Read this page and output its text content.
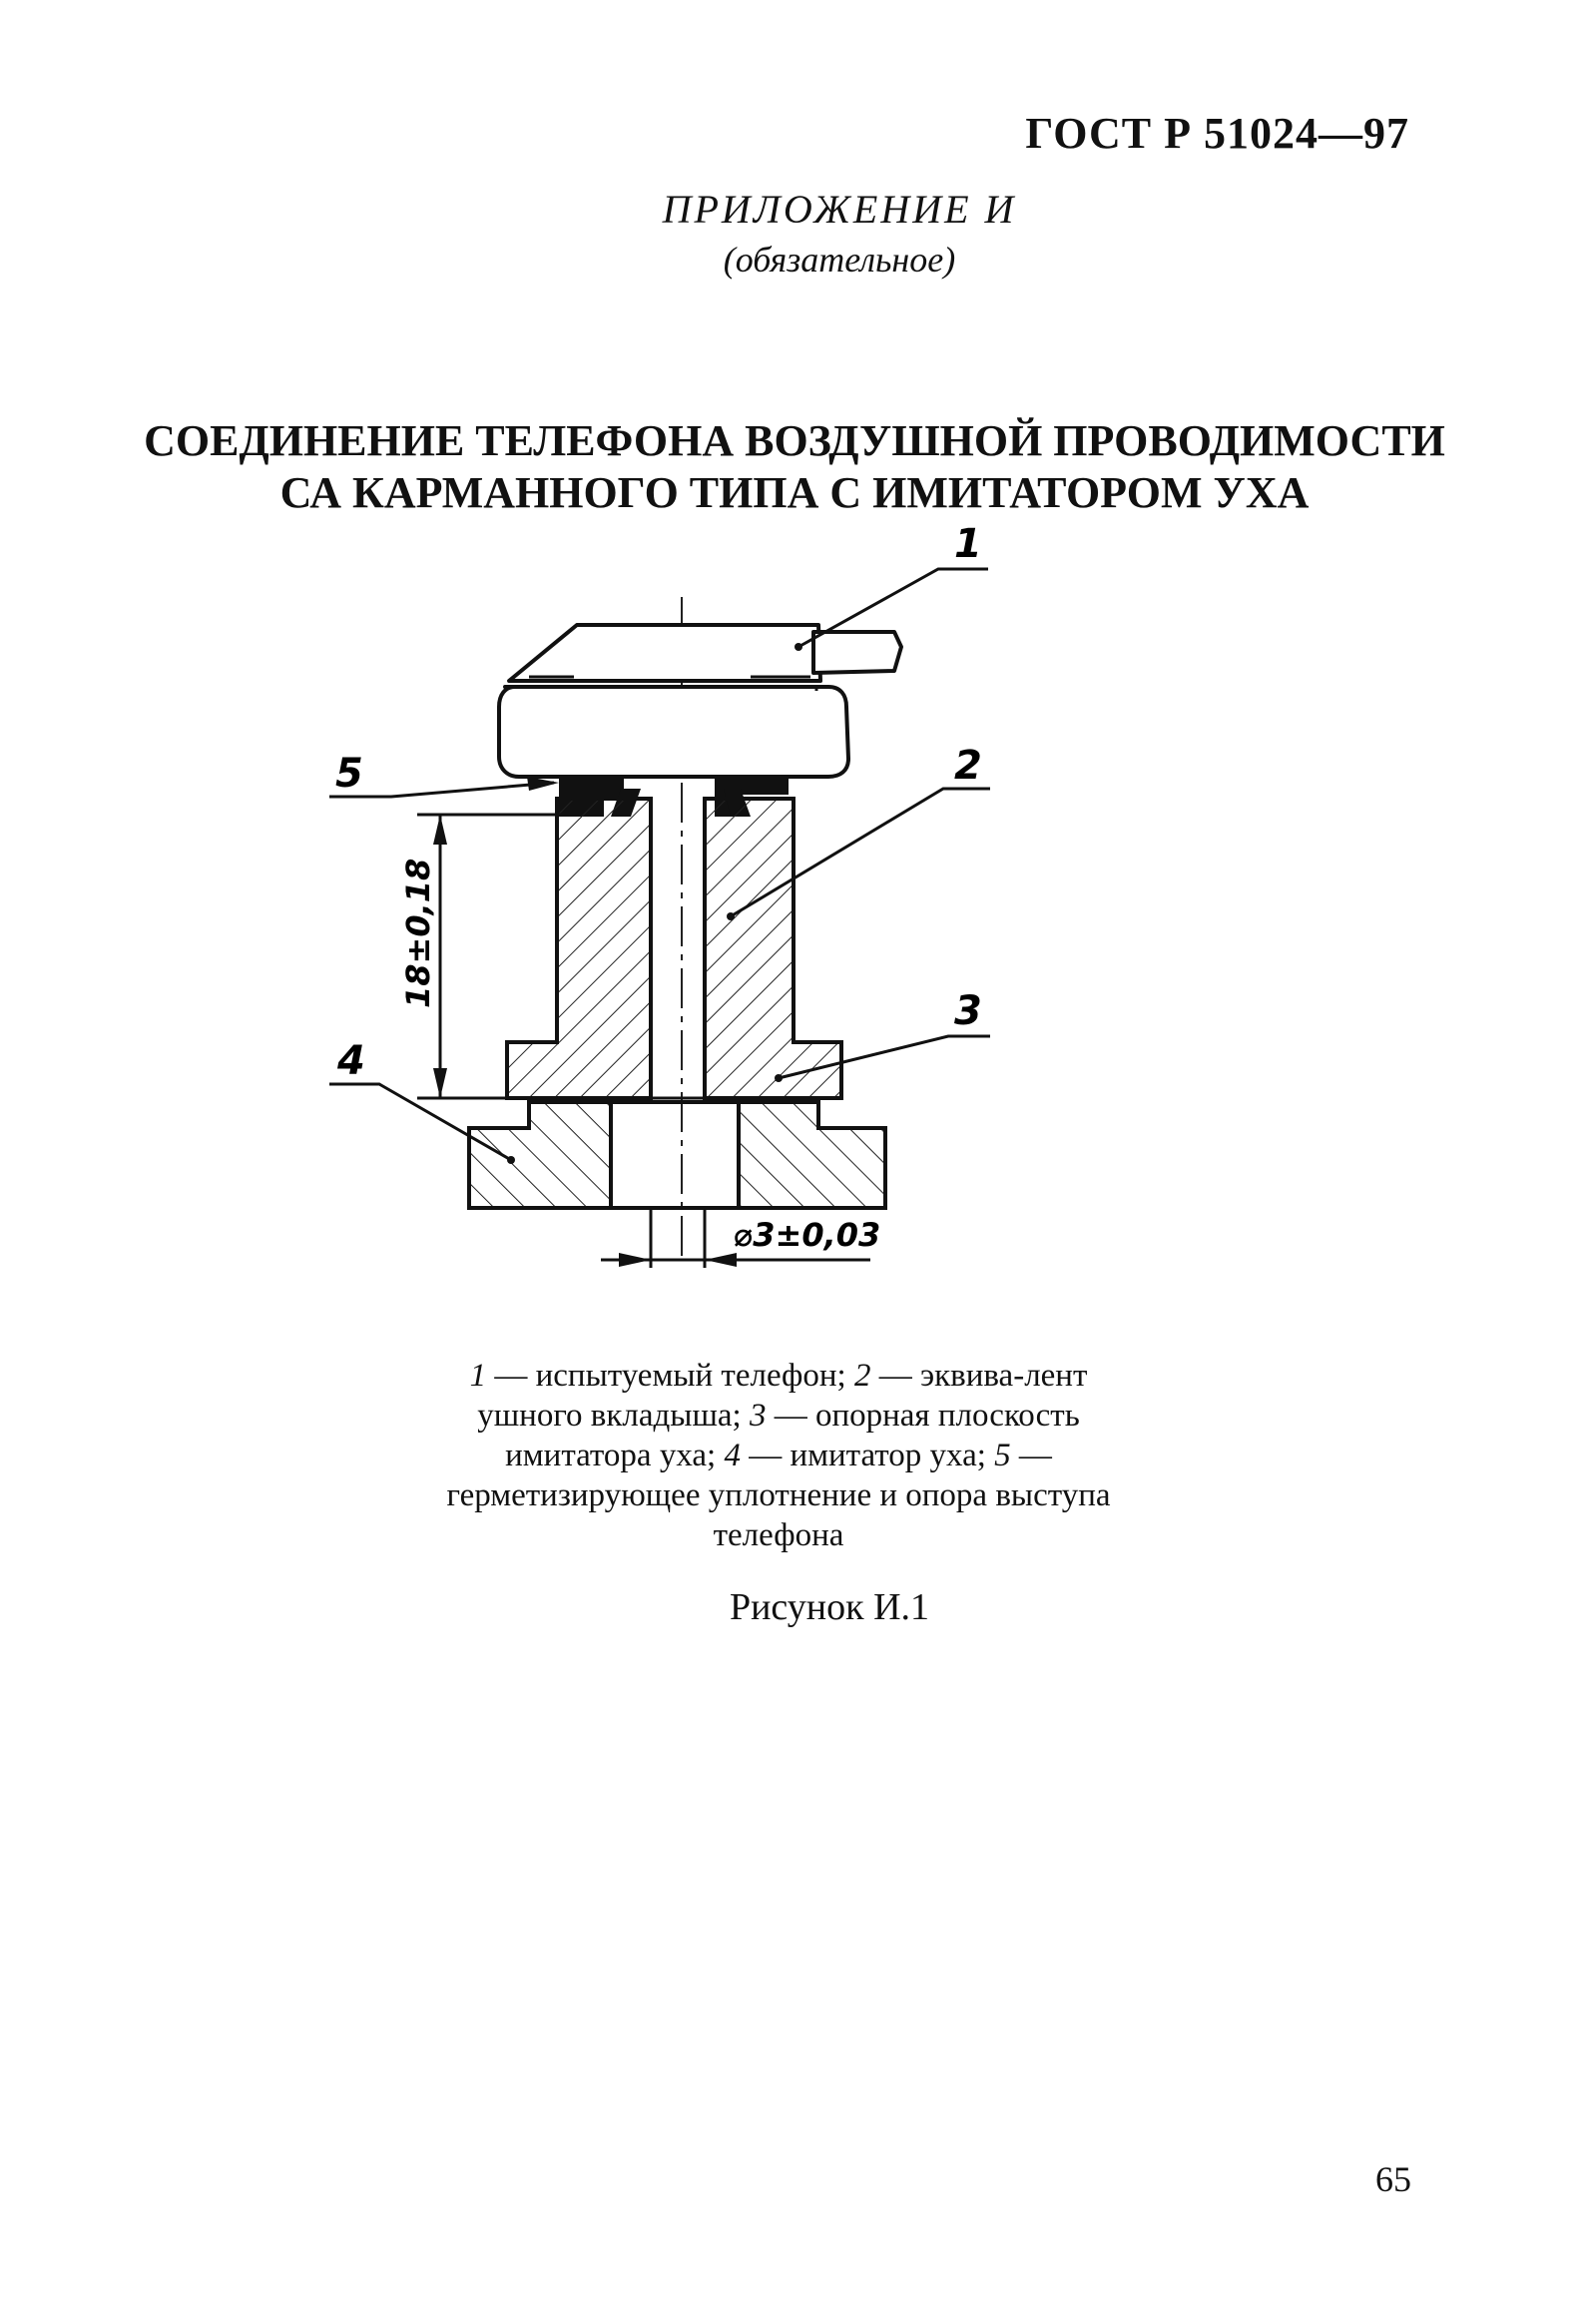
ГОСТ Р 51024—97
ПРИЛОЖЕНИЕ И
(обязательное)
СОЕДИНЕНИЕ ТЕЛЕФОНА ВОЗДУШНОЙ ПРОВОДИМОСТИ
СА КАРМАННОГО ТИПА С ИМИТАТОРОМ УХА
18±0,18
⌀3±0,03
1
2
3
4
5
1 — испытуемый телефон; 2 — эквива-лент ушного вкладыша; 3 — опорная плоскость имитатора уха; 4 — имитатор уха; 5 — герметизирующее уплотнение и опора выступа телефона
Рисунок И.1
65
